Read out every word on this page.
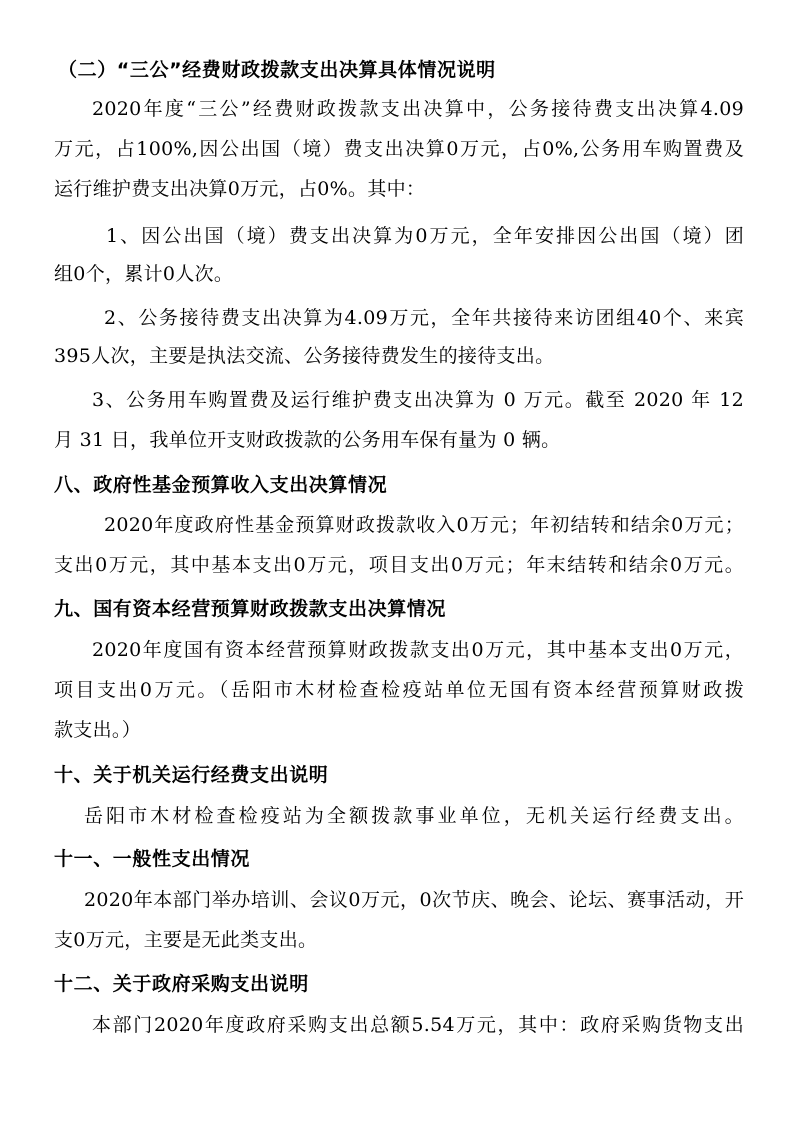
（二）“三公”经费财政拨款支出决算具体情况说明
2020年度“三公”经费财政拨款支出决算中，公务接待费支出决算4.09
万元，占100%,因公出国（境）费支出决算0万元，占0%,公务用车购置费及
运行维护费支出决算0万元，占0%。其中：
1、因公出国（境）费支出决算为0万元，全年安排因公出国（境）团
组0个，累计0人次。
2、公务接待费支出决算为4.09万元，全年共接待来访团组40个、来宾
395人次，主要是执法交流、公务接待费发生的接待支出。
3、公务用车购置费及运行维护费支出决算为 0 万元。截至 2020 年 12
月 31 日，我单位开支财政拨款的公务用车保有量为 0 辆。
八、政府性基金预算收入支出决算情况
2020年度政府性基金预算财政拨款收入0万元；年初结转和结余0万元；
支出0万元，其中基本支出0万元，项目支出0万元；年末结转和结余0万元。
九、国有资本经营预算财政拨款支出决算情况
2020年度国有资本经营预算财政拨款支出0万元，其中基本支出0万元，
项目支出0万元。（岳阳市木材检查检疫站单位无国有资本经营预算财政拨
款支出。）
十、关于机关运行经费支出说明
岳阳市木材检查检疫站为全额拨款事业单位，无机关运行经费支出。
十一、一般性支出情况
2020年本部门举办培训、会议0万元，0次节庆、晚会、论坛、赛事活动，开
支0万元，主要是无此类支出。
十二、关于政府采购支出说明
本部门2020年度政府采购支出总额5.54万元，其中：政府采购货物支出
